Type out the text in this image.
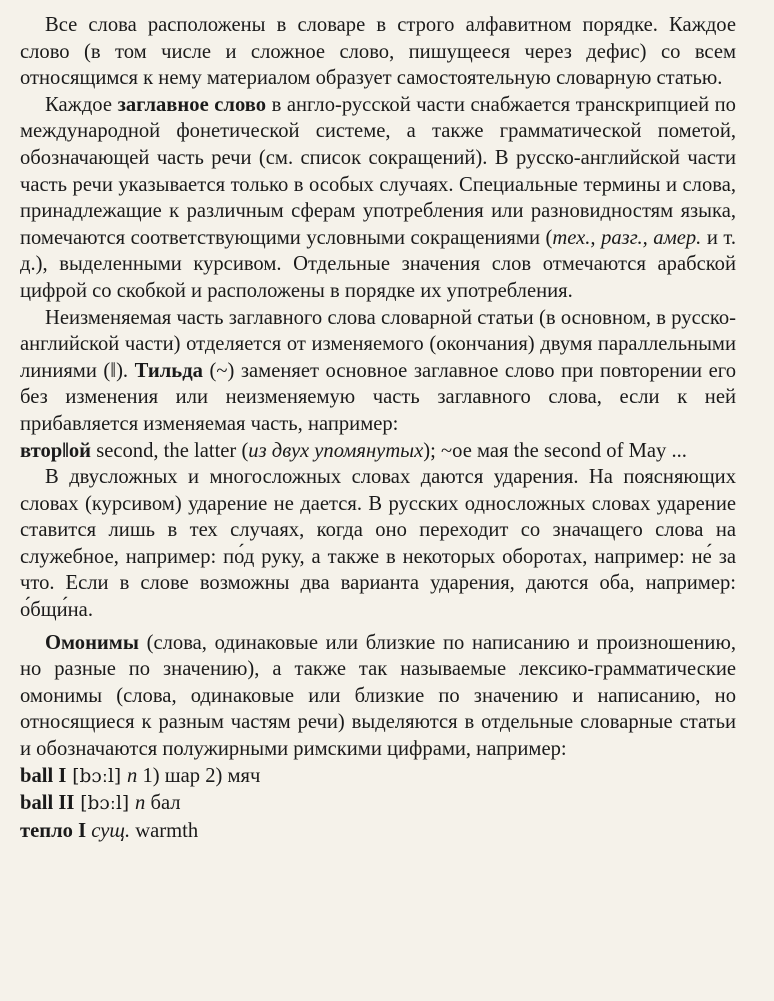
Все слова расположены в словаре в строго алфавитном порядке. Каждое слово (в том числе и сложное слово, пишущееся через дефис) со всем относящимся к нему материалом образует самостоятельную словарную статью.

Каждое заглавное слово в англо-русской части снабжается транскрипцией по международной фонетической системе, а также грамматической пометой, обозначающей часть речи (см. список сокращений). В русско-английской части часть речи указывается только в особых случаях. Специальные термины и слова, принадлежащие к различным сферам употребления или разновидностям языка, помечаются соответствующими условными сокращениями (тех., разг., амер. и т. д.), выделенными курсивом. Отдельные значения слов отмечаются арабской цифрой со скобкой и расположены в порядке их употребления.

Неизменяемая часть заглавного слова словарной статьи (в основном, в русско-английской части) отделяется от изменяемого (окончания) двумя параллельными линиями (‖). Тильда (~) заменяет основное заглавное слово при повторении его без изменения или неизменяемую часть заглавного слова, если к ней прибавляется изменяемая часть, например:

втор‖ой second, the latter (из двух упомянутых); ~ое мая the second of May ...

В двусложных и многосложных словах даются ударения. На поясняющих словах (курсивом) ударение не дается. В русских односложных словах ударение ставится лишь в тех случаях, когда оно переходит со значащего слова на служебное, например: по́д руку, а также в некоторых оборотах, например: не́ за что. Если в слове возможны два варианта ударения, даются оба, например: о́бщи́на.

Омонимы (слова, одинаковые или близкие по написанию и произношению, но разные по значению), а также так называемые лексико-грамматические омонимы (слова, одинаковые или близкие по значению и написанию, но относящиеся к разным частям речи) выделяются в отдельные словарные статьи и обозначаются полужирными римскими цифрами, например:

ball I [bɔːl] n 1) шар 2) мяч
ball II [bɔːl] n бал
тепло I сущ. warmth
